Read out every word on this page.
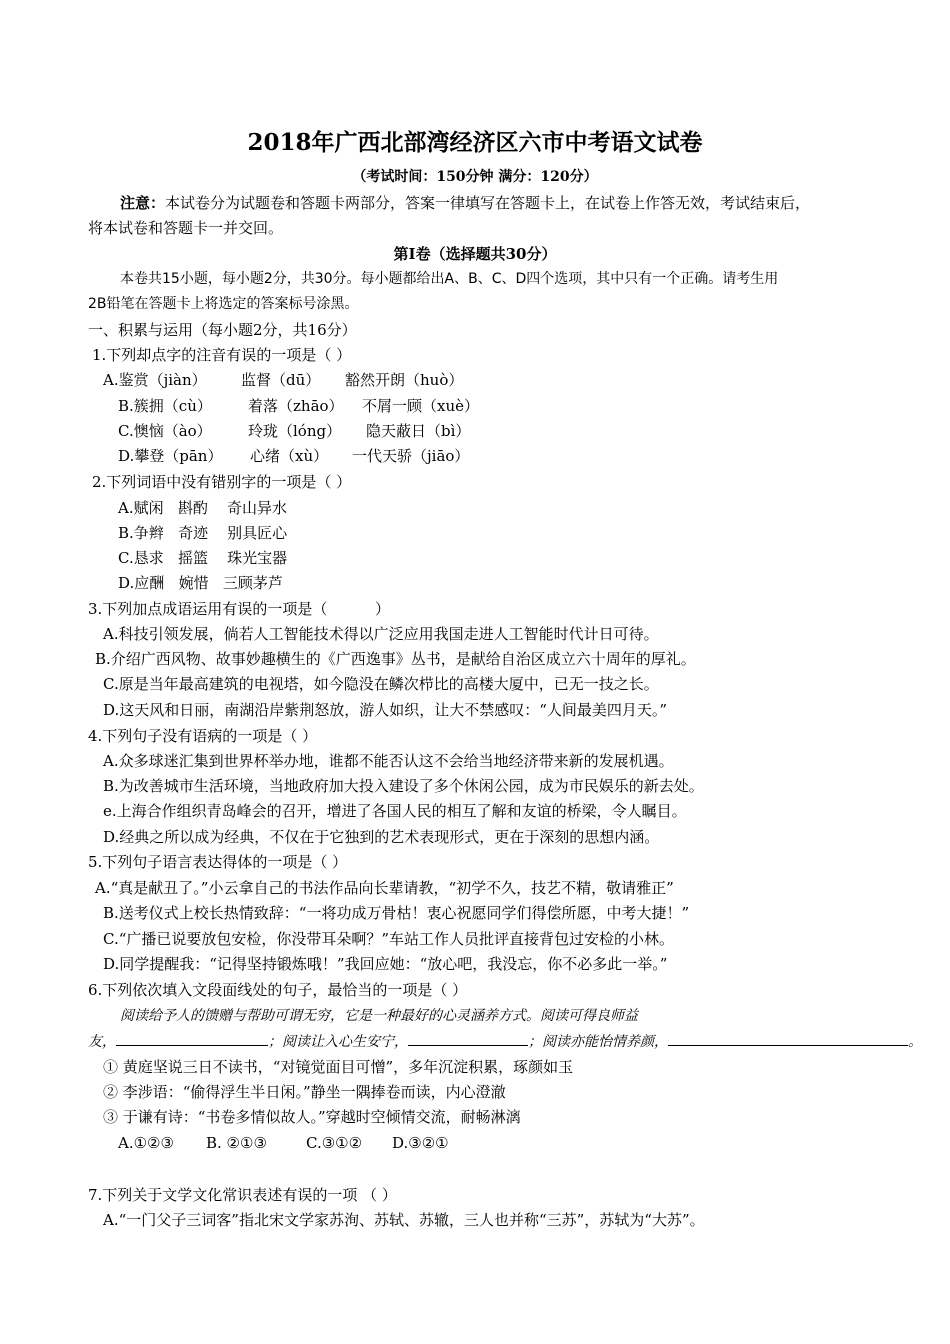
2018年广西北部湾经济区六市中考语文试卷
（考试时间：150分钟 满分：120分）
注意：本试卷分为试题卷和答题卡两部分，答案一律填写在答题卡上，在试卷上作答无效，考试结束后，
将本试卷和答题卡一并交回。
第Ⅰ卷（选择题共30分）
本卷共15小题，每小题2分，共30分。每小题都给出A、B、C、D四个选项，其中只有一个正确。请考生用
2B铅笔在答题卡上将选定的答案标号涂黑。
一、积累与运用（每小题2分，共16分）
1.下列却点字的注音有误的一项是（ ）
A.鉴赏（jiàn） 监督（dū） 豁然开朗（huò）
B.簇拥（cù） 着落（zhāo） 不屑一顾（xuè）
C.懊恼（ào） 玲珑（lóng） 隐天蔽日（bì）
D.攀登（pān） 心绪（xù） 一代天骄（jiāo）
2.下列词语中没有错别字的一项是（ ）
A.赋闲   斟酌    奇山异水
B.争辫   奇迹    别具匠心
C.恳求   摇篮    珠光宝器
D.应酬   婉惜   三顾茅芦
3.下列加点成语运用有误的一项是（          ）
A.科技引领发展，倘若人工智能技术得以广泛应用我国走进人工智能时代计日可待。
B.介绍广西风物、故事妙趣横生的《广西逸事》丛书，是献给自治区成立六十周年的厚礼。
C.原是当年最高建筑的电视塔，如今隐没在鳞次栉比的高楼大厦中，已无一技之长。
D.这天风和日丽，南湖沿岸紫荆怒放，游人如织，让大不禁感叹：“人间最美四月天。”
4.下列句子没有语病的一项是（ ）
A.众多球迷汇集到世界杯举办地，谁都不能否认这不会给当地经济带来新的发展机遇。
B.为改善城市生活环境，当地政府加大投入建设了多个休闲公园，成为市民娱乐的新去处。
e.上海合作组织青岛峰会的召开，增进了各国人民的相互了解和友谊的桥梁，令人瞩目。
D.经典之所以成为经典，不仅在于它独到的艺术表现形式，更在于深刻的思想内涵。
5.下列句子语言表达得体的一项是（ ）
A.“真是献丑了。”小云拿自己的书法作品向长辈请教，“初学不久，技艺不精，敬请雅正”
B.送考仪式上校长热情致辞：“一将功成万骨枯！衷心祝愿同学们得偿所愿，中考大捷！”
C.“广播已说要放包安检，你没带耳朵啊？”车站工作人员批评直接背包过安检的小林。
D.同学提醒我：“记得坚持锻炼哦！”我回应她：“放心吧，我没忘，你不必多此一举。”
6.下列依次填入文段面线处的句子，最恰当的一项是（ ）
阅读给予人的馈赠与帮助可谓无穷，它是一种最好的心灵涵养方式。阅读可得良师益
友，	；阅读让入心生安宁，	；阅读亦能怡情养颜，	。
① 黄庭坚说三日不读书，“对镜觉面目可憎”，多年沉淀积累，琢颜如玉
② 李涉语：“偷得浮生半日闲。”静坐一隅捧卷而读，内心澄澈
③ 于谦有诗：“书卷多情似故人。”穿越时空倾情交流，耐畅淋漓
A.①②③ B. ②①③	C.③①② D.③②①
7.下列关于文学文化常识表述有误的一项 （ ）
A.“一门父子三词客”指北宋文学家苏洵、苏轼、苏辙，三人也并称“三苏”，苏轼为“大苏”。
